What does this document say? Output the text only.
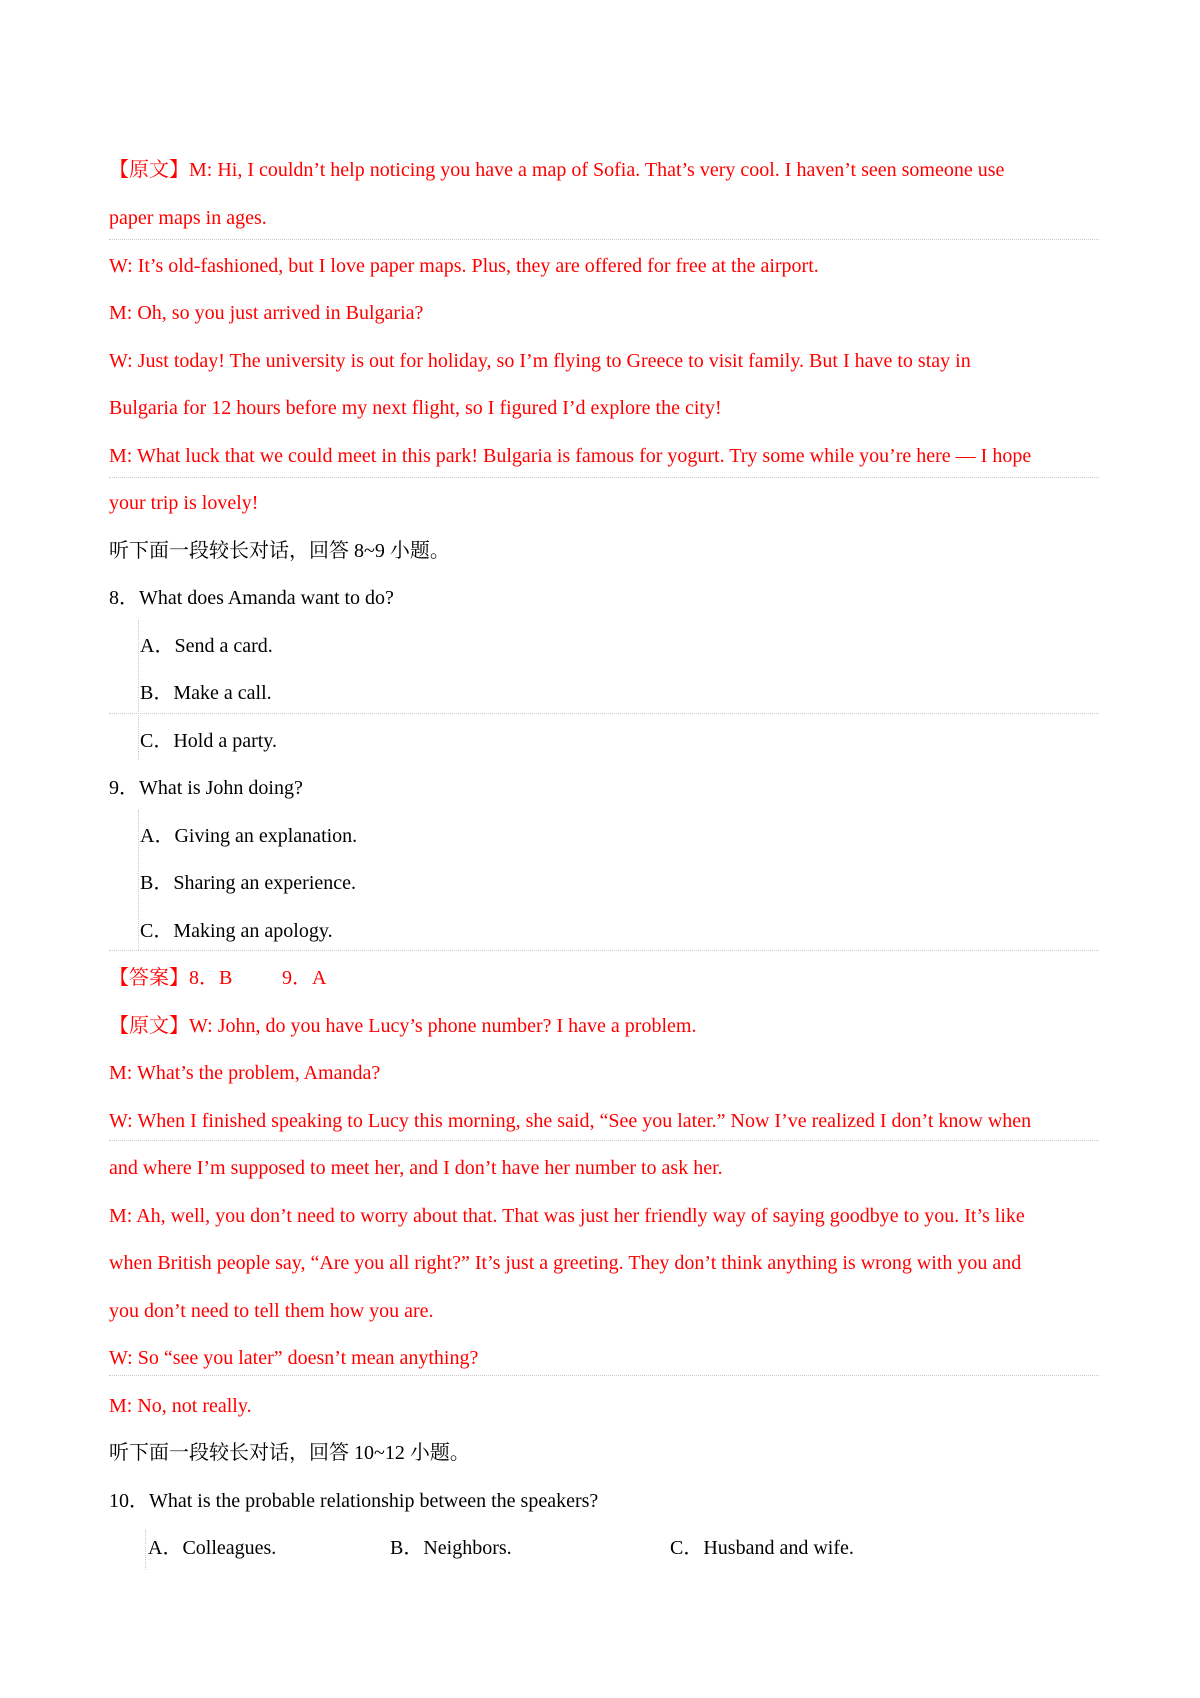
【原文】M: Hi, I couldn’t help noticing you have a map of Sofia. That’s very cool. I haven’t seen someone use
paper maps in ages.
W: It’s old-fashioned, but I love paper maps. Plus, they are offered for free at the airport.
M: Oh, so you just arrived in Bulgaria?
W: Just today! The university is out for holiday, so I’m flying to Greece to visit family. But I have to stay in
Bulgaria for 12 hours before my next flight, so I figured I’d explore the city!
M: What luck that we could meet in this park! Bulgaria is famous for yogurt. Try some while you’re here — I hope
your trip is lovely!
听下面一段较长对话，回答 8~9 小题。
8．What does Amanda want to do?
A．Send a card.
B．Make a call.
C．Hold a party.
9．What is John doing?
A．Giving an explanation.
B．Sharing an experience.
C．Making an apology.
【答案】8．B 9．A
【原文】W: John, do you have Lucy’s phone number? I have a problem.
M: What’s the problem, Amanda?
W: When I finished speaking to Lucy this morning, she said, “See you later.” Now I’ve realized I don’t know when
and where I’m supposed to meet her, and I don’t have her number to ask her.
M: Ah, well, you don’t need to worry about that. That was just her friendly way of saying goodbye to you. It’s like
when British people say, “Are you all right?” It’s just a greeting. They don’t think anything is wrong with you and
you don’t need to tell them how you are.
W: So “see you later” doesn’t mean anything?
M: No, not really.
听下面一段较长对话，回答 10~12 小题。
10．What is the probable relationship between the speakers?
A．Colleagues.	B．Neighbors.	C．Husband and wife.
